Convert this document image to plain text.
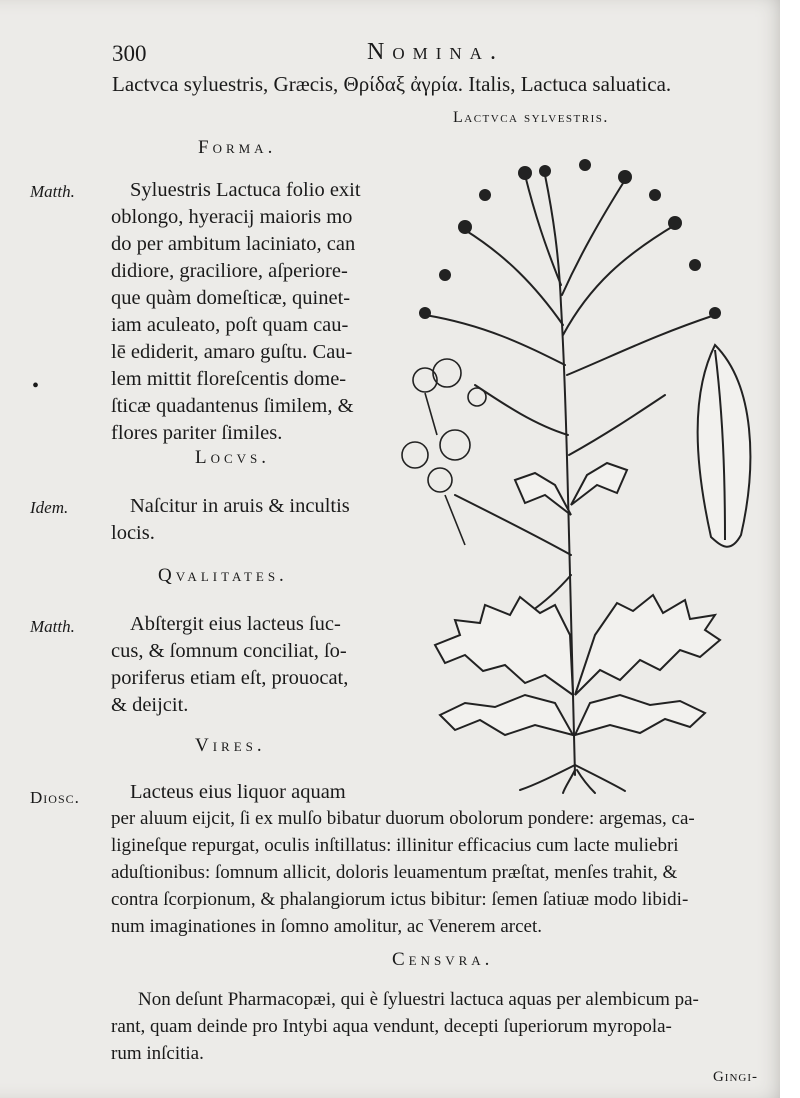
300	Nomina.
Lactvca syluestris, Græcis, Θρίδαξ ἀγρία. Italis, Lactuca saluatica.
Lactvca sylvestris.
Forma.
Matth.	Syluestris Lactuca folio exit
oblongo, hyeracij maioris mo
do per ambitum laciniato, can
didiore, graciliore, aſperiore-
que quàm domeſticæ, quinet-
iam aculeato, poſt quam cau-
lē ediderit, amaro guſtu. Cau-
lem mittit floreſcentis dome-
ſticæ quadantenus ſimilem, &
flores pariter ſimiles.
•
Locvs.
Idem.	Naſcitur in aruis & incultis
locis.
Qvalitates.
Matth.	Abſtergit eius lacteus ſuc-
cus, & ſomnum conciliat, ſo-
poriferus etiam eſt, prouocat,
& deijcit.
Vires.
Diosc. Lacteus eius liquor aquam
per aluum eijcit, ſi ex mulſo bibatur duorum obolorum pondere: argemas, ca-
ligineſque repurgat, oculis inſtillatus: illinitur efficacius cum lacte muliebri
aduſtionibus: ſomnum allicit, doloris leuamentum præſtat, menſes trahit, &
contra ſcorpionum, & phalangiorum ictus bibitur: ſemen ſatiuæ modo libidi-
num imaginationes in ſomno amolitur, ac Venerem arcet.
Censvra.
Non deſunt Pharmacopæi, qui è ſyluestri lactuca aquas per alembicum pa-
rant, quam deinde pro Intybi aqua vendunt, decepti ſuperiorum myropola-
rum inſcitia.
Gingi-
